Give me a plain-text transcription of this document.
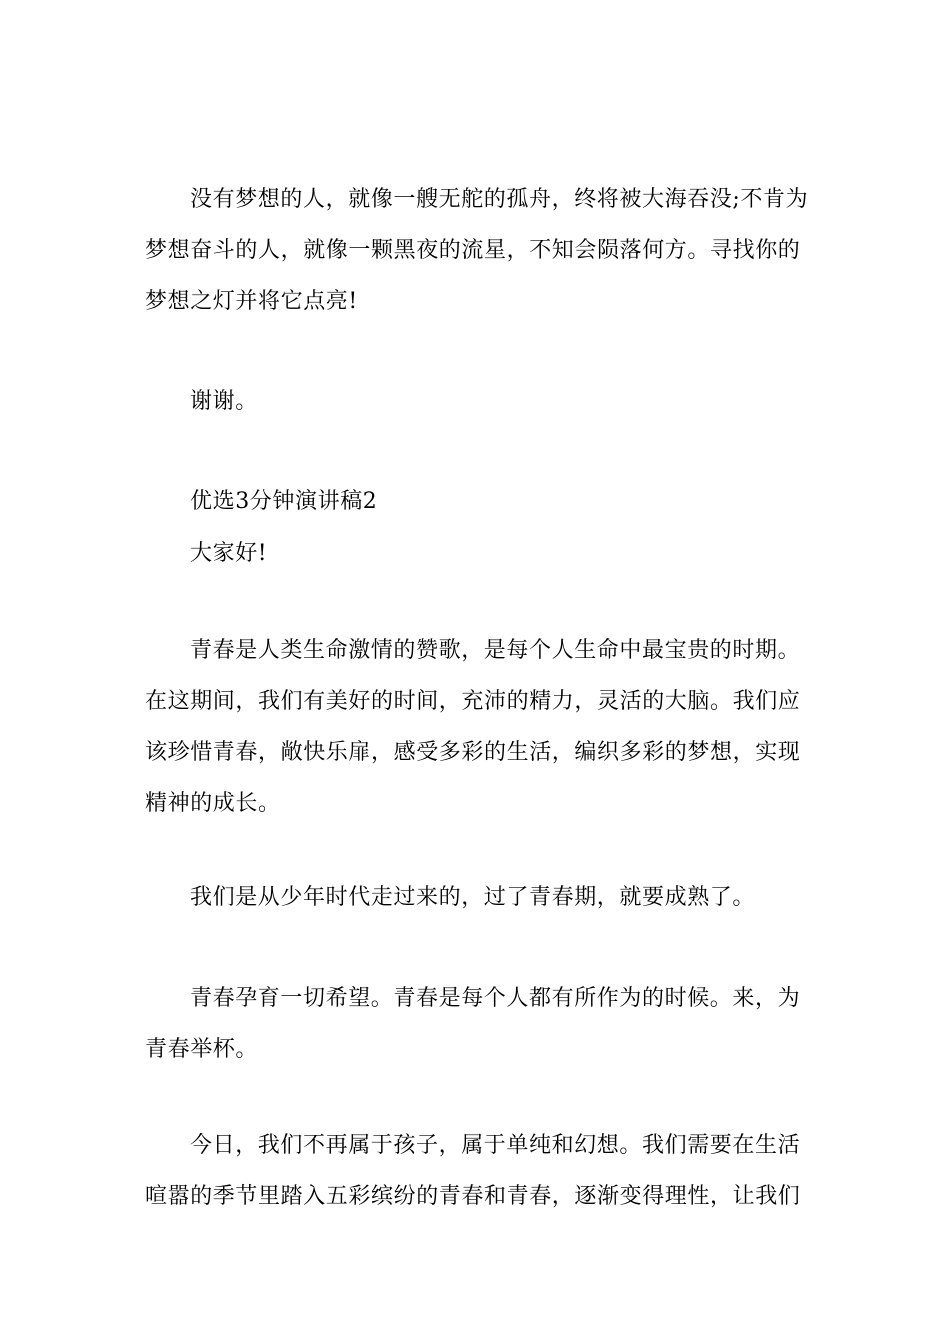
没有梦想的人，就像一艘无舵的孤舟，终将被大海吞没;不肯为
梦想奋斗的人，就像一颗黑夜的流星，不知会陨落何方。寻找你的
梦想之灯并将它点亮!
谢谢。
优选3分钟演讲稿2
大家好!
青春是人类生命激情的赞歌，是每个人生命中最宝贵的时期。
在这期间，我们有美好的时间，充沛的精力，灵活的大脑。我们应
该珍惜青春，敞快乐扉，感受多彩的生活，编织多彩的梦想，实现
精神的成长。
我们是从少年时代走过来的，过了青春期，就要成熟了。
青春孕育一切希望。青春是每个人都有所作为的时候。来，为
青春举杯。
今日，我们不再属于孩子，属于单纯和幻想。我们需要在生活
喧嚣的季节里踏入五彩缤纷的青春和青春，逐渐变得理性，让我们
